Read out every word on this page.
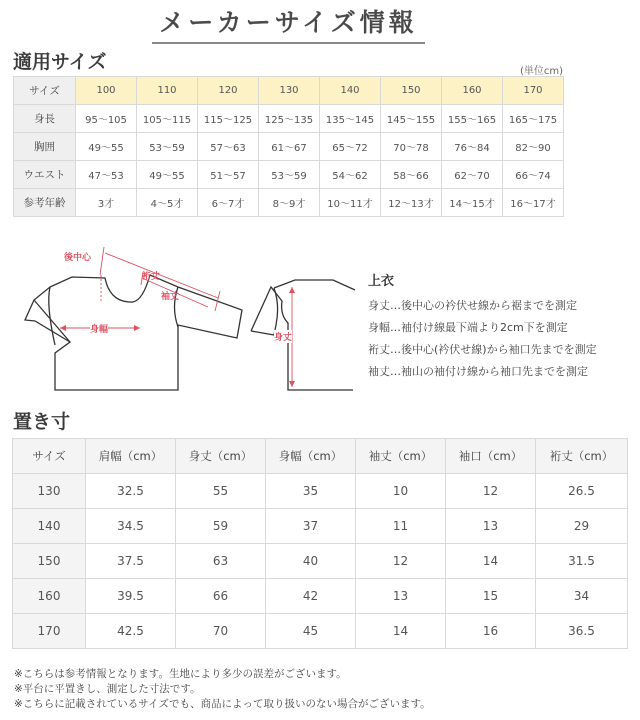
メーカーサイズ情報
適用サイズ	(単位cm)
サイズ	100	110	120	130	140	150	160	170
身長	95〜105	105〜115	115〜125	125〜135	135〜145	145〜155	155〜165	165〜175
胸囲	49〜55	53〜59	57〜63	61〜67	65〜72	70〜78	76〜84	82〜90
ウエスト	47〜53	49〜55	51〜57	53〜59	54〜62	58〜66	62〜70	66〜74
参考年齢	3才	4〜5才	6〜7才	8〜9才	10〜11才	12〜13才	14〜15才	16〜17才
後中心
裄丈
袖丈
身幅
身丈
上衣
身丈…後中心の衿伏せ線から裾までを測定
身幅…袖付け線最下端より2cm下を測定
裄丈…後中心(衿伏せ線)から袖口先までを測定
袖丈…袖山の袖付け線から袖口先までを測定
置き寸
サイズ	肩幅（cm）	身丈（cm）	身幅（cm）	袖丈（cm）	袖口（cm）	裄丈（cm）
130	32.5	55	35	10	12	26.5
140	34.5	59	37	11	13	29
150	37.5	63	40	12	14	31.5
160	39.5	66	42	13	15	34
170	42.5	70	45	14	16	36.5
※こちらは参考情報となります。生地により多少の誤差がございます。
※平台に平置きし、測定した寸法です。
※こちらに記載されているサイズでも、商品によって取り扱いのない場合がございます。
